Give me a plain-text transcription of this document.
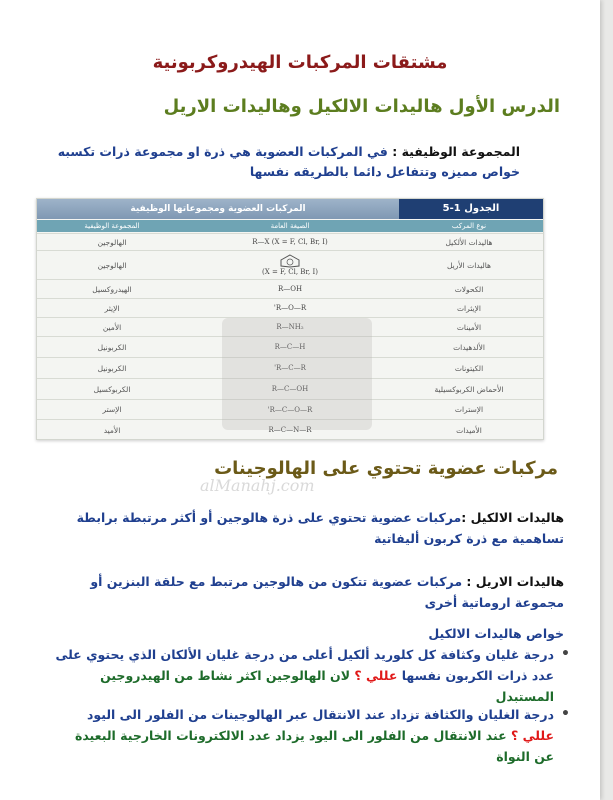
مشتقات المركبات الهيدروكربونية
الدرس الأول هاليدات الالكيل وهاليدات الاريل
المجموعة الوظيفية : في المركبات العضوية هي ذرة او مجموعة ذرات تكسبه خواص مميزه وتتفاعل دائما بالطريقه نفسها
المركبات العضوية ومجموعاتها الوظيفية	الجدول 1-5
نوع المركب
الصيغة العامة
المجموعة الوظيفية
هاليدات الألكيل
R—X (X = F, Cl, Br, I)
الهالوجين
هاليدات الأريل
(X = F, Cl, Br, I)
الهالوجين
الكحولات
R—OH
الهيدروكسيل
الإيثرات
R—O—R'
الإيثر
الأمينات
R—NH₂
الأمين
الألدهيدات
R—C—H
الكربونيل
الكيتونات
R—C—R'
الكربونيل
الأحماض الكربوكسيلية
R—C—OH
الكربوكسيل
الإسترات
R—C—O—R'
الإستر
الأميدات
R—C—N—R
الأميد
alManahj.com
مركبات عضوية تحتوي على الهالوجينات
هاليدات الالكيل :مركبات عضوية تحتوي على ذرة هالوجين أو أكثر مرتبطة برابطة تساهمية مع ذرة كربون أليفاتية
هاليدات الاريل : مركبات عضوية تتكون من هالوجين مرتبط مع حلقة البنزين أو مجموعة اروماتية أخرى
خواص هاليدات الالكيل
•
درجة غليان وكثافة كل كلوريد ألكيل أعلى من درجة غليان الألكان الذي يحتوي على عدد ذرات الكربون نفسها عللي ؟ لان الهالوجين اكثر نشاط من الهيدروجين المستبدل
•
درجة الغليان والكثافة تزداد عند الانتقال عبر الهالوجينات من الفلور الى اليود عللي ؟ عند الانتقال من الفلور الى اليود يزداد عدد الالكترونات الخارجية البعيدة عن النواة
